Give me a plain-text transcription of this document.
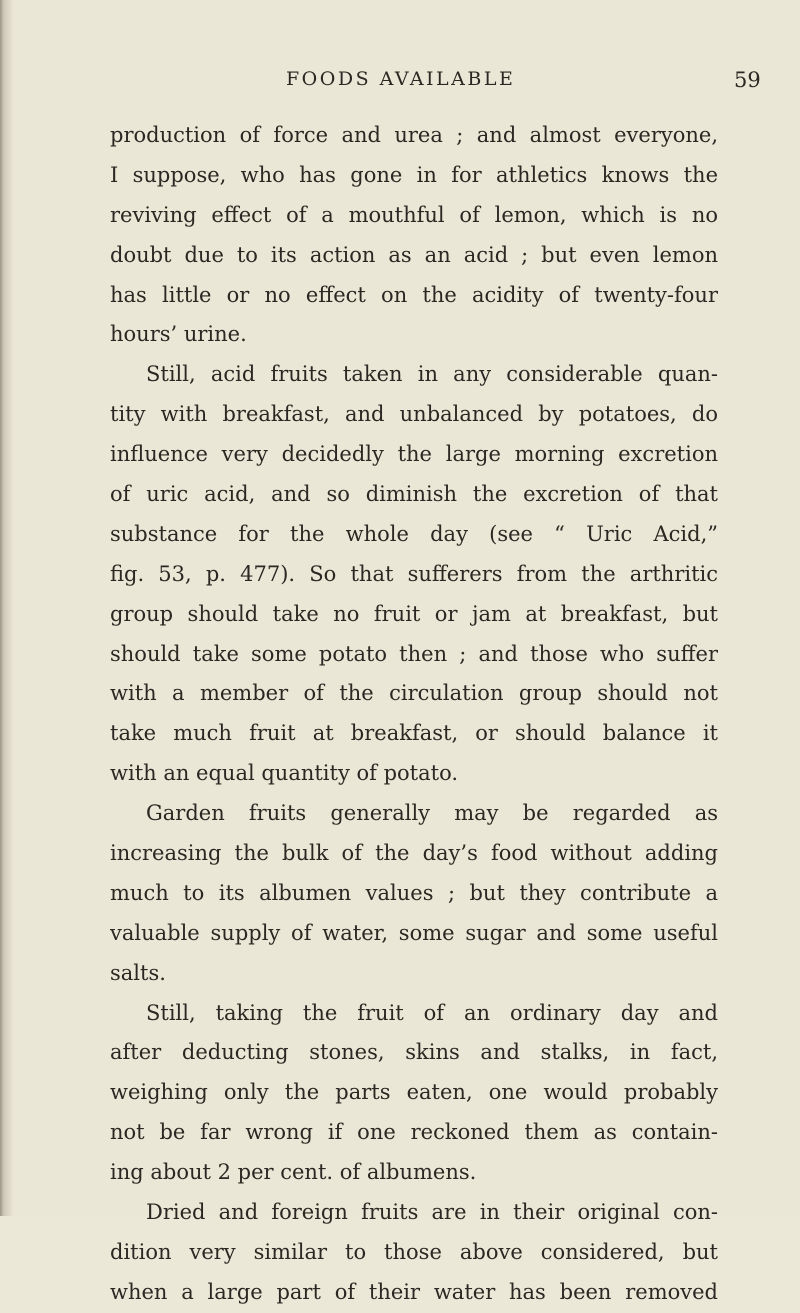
FOODS AVAILABLE	59
production of force and urea ; and almost everyone,
I suppose, who has gone in for athletics knows the
reviving effect of a mouthful of lemon, which is no
doubt due to its action as an acid ; but even lemon
has little or no effect on the acidity of twenty-four
hours’ urine.
Still, acid fruits taken in any considerable quan-
tity with breakfast, and unbalanced by potatoes, do
influence very decidedly the large morning excretion
of uric acid, and so diminish the excretion of that
substance for the whole day (see “ Uric Acid,”
fig. 53, p. 477). So that sufferers from the arthritic
group should take no fruit or jam at breakfast, but
should take some potato then ; and those who suffer
with a member of the circulation group should not
take much fruit at breakfast, or should balance it
with an equal quantity of potato.
Garden fruits generally may be regarded as
increasing the bulk of the day’s food without adding
much to its albumen values ; but they contribute a
valuable supply of water, some sugar and some useful
salts.
Still, taking the fruit of an ordinary day and
after deducting stones, skins and stalks, in fact,
weighing only the parts eaten, one would probably
not be far wrong if one reckoned them as contain-
ing about 2 per cent. of albumens.
Dried and foreign fruits are in their original con-
dition very similar to those above considered, but
when a large part of their water has been removed
